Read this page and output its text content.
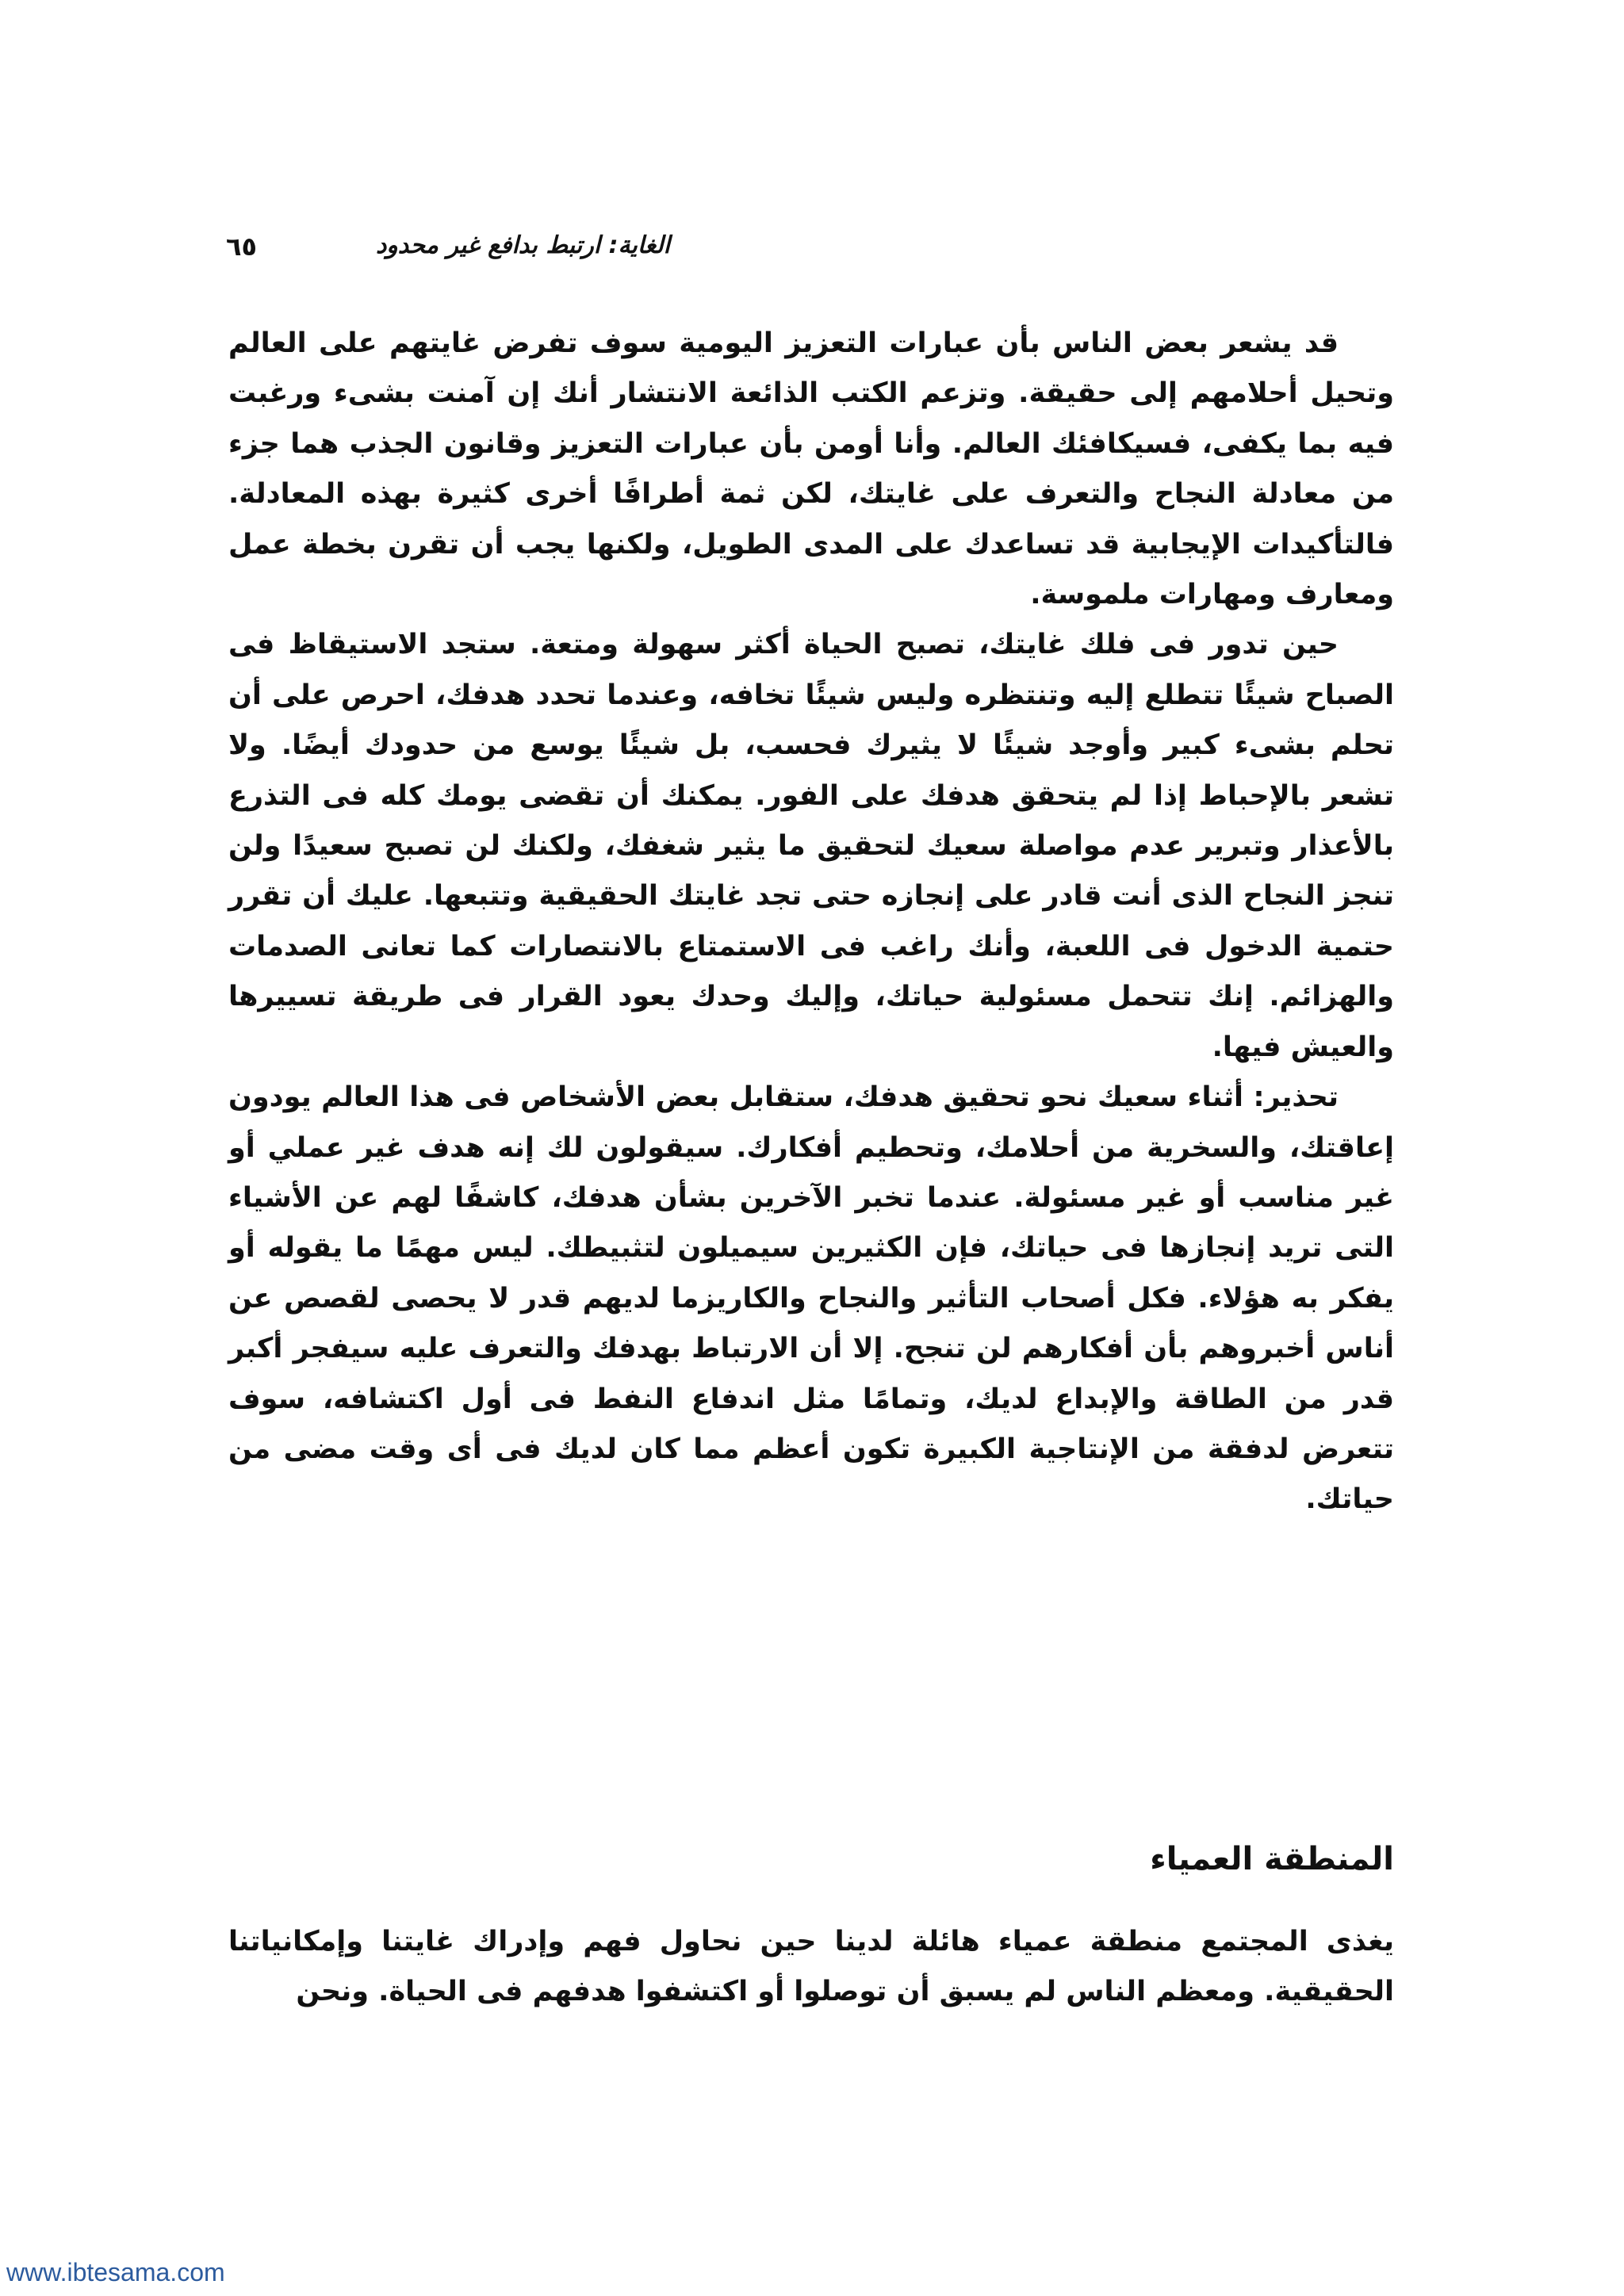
الغاية: ارتبط بدافع غير محدود
٦٥

قد يشعر بعض الناس بأن عبارات التعزيز اليومية سوف تفرض غايتهم على العالم وتحيل أحلامهم إلى حقيقة. وتزعم الكتب الذائعة الانتشار أنك إن آمنت بشىء ورغبت فيه بما يكفى، فسيكافئك العالم. وأنا أومن بأن عبارات التعزيز وقانون الجذب هما جزء من معادلة النجاح والتعرف على غايتك، لكن ثمة أطرافًا أخرى كثيرة بهذه المعادلة. فالتأكيدات الإيجابية قد تساعدك على المدى الطويل، ولكنها يجب أن تقرن بخطة عمل ومعارف ومهارات ملموسة.

حين تدور فى فلك غايتك، تصبح الحياة أكثر سهولة ومتعة. ستجد الاستيقاظ فى الصباح شيئًا تتطلع إليه وتنتظره وليس شيئًا تخافه، وعندما تحدد هدفك، احرص على أن تحلم بشىء كبير وأوجد شيئًا لا يثيرك فحسب، بل شيئًا يوسع من حدودك أيضًا. ولا تشعر بالإحباط إذا لم يتحقق هدفك على الفور. يمكنك أن تقضى يومك كله فى التذرع بالأعذار وتبرير عدم مواصلة سعيك لتحقيق ما يثير شغفك، ولكنك لن تصبح سعيدًا ولن تنجز النجاح الذى أنت قادر على إنجازه حتى تجد غايتك الحقيقية وتتبعها. عليك أن تقرر حتمية الدخول فى اللعبة، وأنك راغب فى الاستمتاع بالانتصارات كما تعانى الصدمات والهزائم. إنك تتحمل مسئولية حياتك، وإليك وحدك يعود القرار فى طريقة تسييرها والعيش فيها.

تحذير: أثناء سعيك نحو تحقيق هدفك، ستقابل بعض الأشخاص فى هذا العالم يودون إعاقتك، والسخرية من أحلامك، وتحطيم أفكارك. سيقولون لك إنه هدف غير عملي أو غير مناسب أو غير مسئولة. عندما تخبر الآخرين بشأن هدفك، كاشفًا لهم عن الأشياء التى تريد إنجازها فى حياتك، فإن الكثيرين سيميلون لتثبيطك. ليس مهمًا ما يقوله أو يفكر به هؤلاء. فكل أصحاب التأثير والنجاح والكاريزما لديهم قدر لا يحصى لقصص عن أناس أخبروهم بأن أفكارهم لن تنجح. إلا أن الارتباط بهدفك والتعرف عليه سيفجر أكبر قدر من الطاقة والإبداع لديك، وتمامًا مثل اندفاع النفط فى أول اكتشافه، سوف تتعرض لدفقة من الإنتاجية الكبيرة تكون أعظم مما كان لديك فى أى وقت مضى من حياتك.

المنطقة العمياء

يغذى المجتمع منطقة عمياء هائلة لدينا حين نحاول فهم وإدراك غايتنا وإمكانياتنا الحقيقية. ومعظم الناس لم يسبق أن توصلوا أو اكتشفوا هدفهم فى الحياة. ونحن

www.ibtesama.com
